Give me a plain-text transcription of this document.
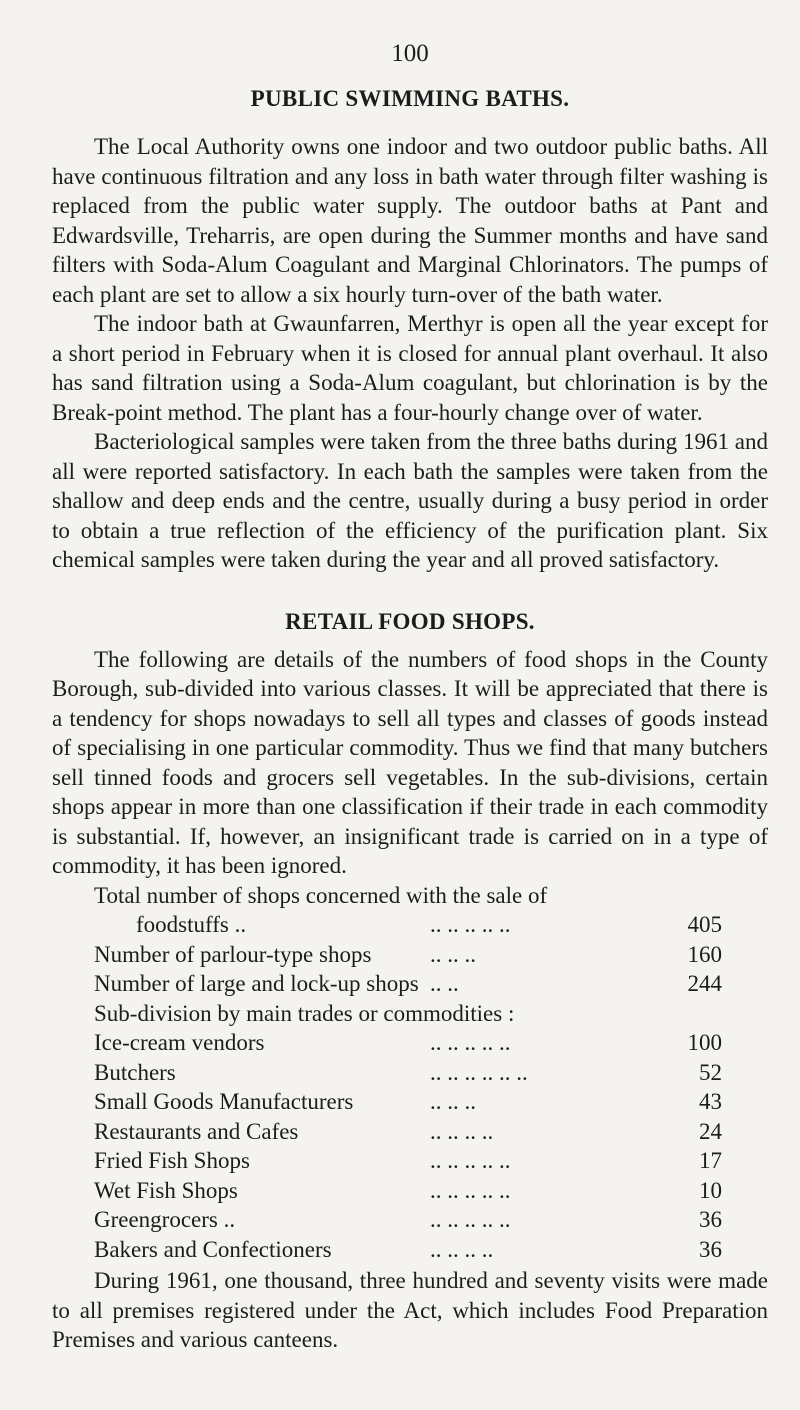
100
PUBLIC SWIMMING BATHS.

The Local Authority owns one indoor and two outdoor public baths. All have continuous filtration and any loss in bath water through filter washing is replaced from the public water supply. The outdoor baths at Pant and Edwardsville, Treharris, are open during the Summer months and have sand filters with Soda-Alum Coagulant and Marginal Chlorinators. The pumps of each plant are set to allow a six hourly turn-over of the bath water.

The indoor bath at Gwaunfarren, Merthyr is open all the year except for a short period in February when it is closed for annual plant overhaul. It also has sand filtration using a Soda-Alum coagulant, but chlorination is by the Break-point method. The plant has a four-hourly change over of water.

Bacteriological samples were taken from the three baths during 1961 and all were reported satisfactory. In each bath the samples were taken from the shallow and deep ends and the centre, usually during a busy period in order to obtain a true reflection of the efficiency of the purification plant. Six chemical samples were taken during the year and all proved satisfactory.

RETAIL FOOD SHOPS.

The following are details of the numbers of food shops in the County Borough, sub-divided into various classes. It will be appreciated that there is a tendency for shops nowadays to sell all types and classes of goods instead of specialising in one particular commodity. Thus we find that many butchers sell tinned foods and grocers sell vegetables. In the sub-divisions, certain shops appear in more than one classification if their trade in each commodity is substantial. If, however, an insignificant trade is carried on in a type of commodity, it has been ignored.

Total number of shops concerned with the sale of
foodstuffs ..	.. .. .. .. ..	405
Number of parlour-type shops	.. .. ..	160
Number of large and lock-up shops .. ..	244
Sub-division by main trades or commodities :
Ice-cream vendors	.. .. .. .. ..	100
Butchers	.. .. .. .. .. ..	52
Small Goods Manufacturers	.. .. ..	43
Restaurants and Cafes	.. .. .. ..	24
Fried Fish Shops	.. .. .. .. ..	17
Wet Fish Shops	.. .. .. .. ..	10
Greengrocers ..	.. .. .. .. ..	36
Bakers and Confectioners	.. .. .. ..	36

During 1961, one thousand, three hundred and seventy visits were made to all premises registered under the Act, which includes Food Preparation Premises and various canteens.
